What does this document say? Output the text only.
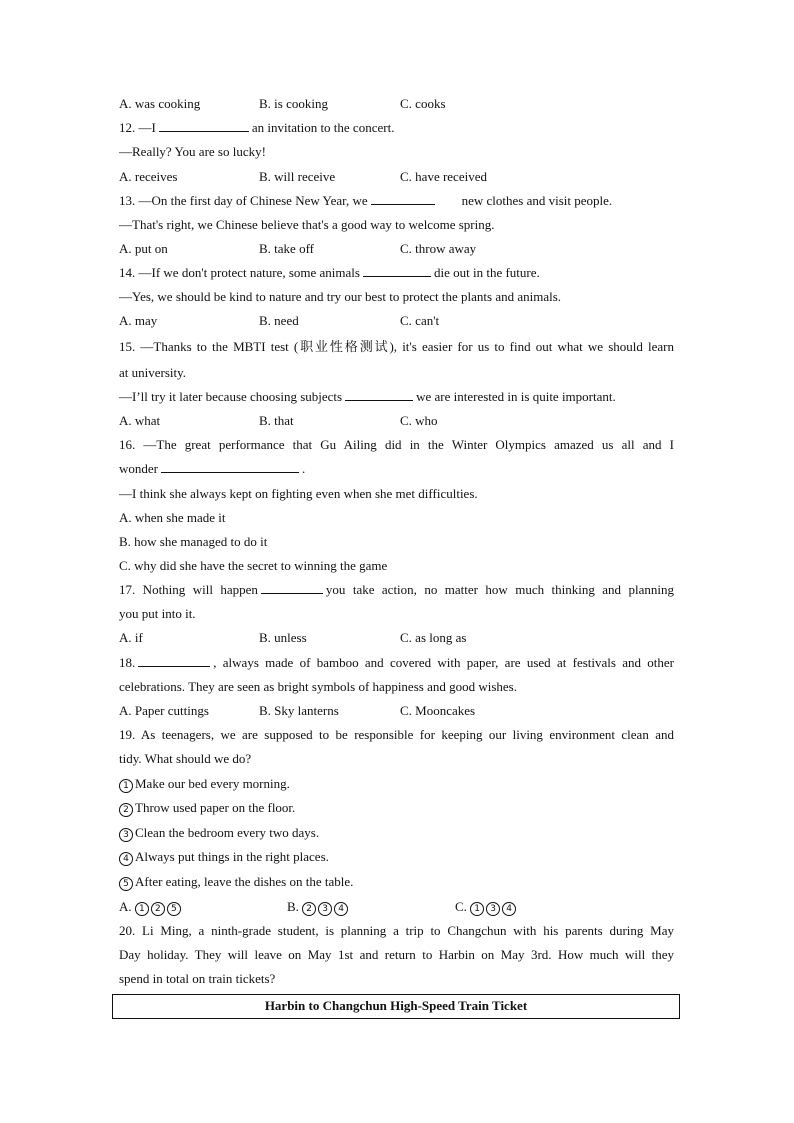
A. was cooking	B. is cooking	C. cooks
12. —I	an invitation to the concert.
—Really? You are so lucky!
A. receives	B. will receive	C. have received
13. —On the first day of Chinese New Year, we	new clothes and visit people.
—That's right, we Chinese believe that's a good way to welcome spring.
A. put on	B. take off	C. throw away
14. —If we don't protect nature, some animals	die out in the future.
—Yes, we should be kind to nature and try our best to protect the plants and animals.
A. may	B. need	C. can't
15. —Thanks to the MBTI test (职业性格测试), it's easier for us to find out what we should learn
at university.
—I’ll try it later because choosing subjects	we are interested in is quite important.
A. what	B. that	C. who
16. —The great performance that Gu Ailing did in the Winter Olympics amazed us all and I
wonder	.
—I think she always kept on fighting even when she met difficulties.
A. when she made it
B. how she managed to do it
C. why did she have the secret to winning the game
17. Nothing will happen	you take action, no matter how much thinking and planning
you put into it.
A. if	B. unless	C. as long as
18.	, always made of bamboo and covered with paper, are used at festivals and other
celebrations. They are seen as bright symbols of happiness and good wishes.
A. Paper cuttings	B. Sky lanterns	C. Mooncakes
19. As teenagers, we are supposed to be responsible for keeping our living environment clean and
tidy. What should we do?
1 Make our bed every morning.
2 Throw used paper on the floor.
3 Clean the bedroom every two days.
4 Always put things in the right places.
5 After eating, leave the dishes on the table.
A. 1 2 5	B. 2 3 4	C. 1 3 4
20. Li Ming, a ninth-grade student, is planning a trip to Changchun with his parents during May
Day holiday. They will leave on May 1st and return to Harbin on May 3rd. How much will they
spend in total on train tickets?
Harbin to Changchun High-Speed Train Ticket
